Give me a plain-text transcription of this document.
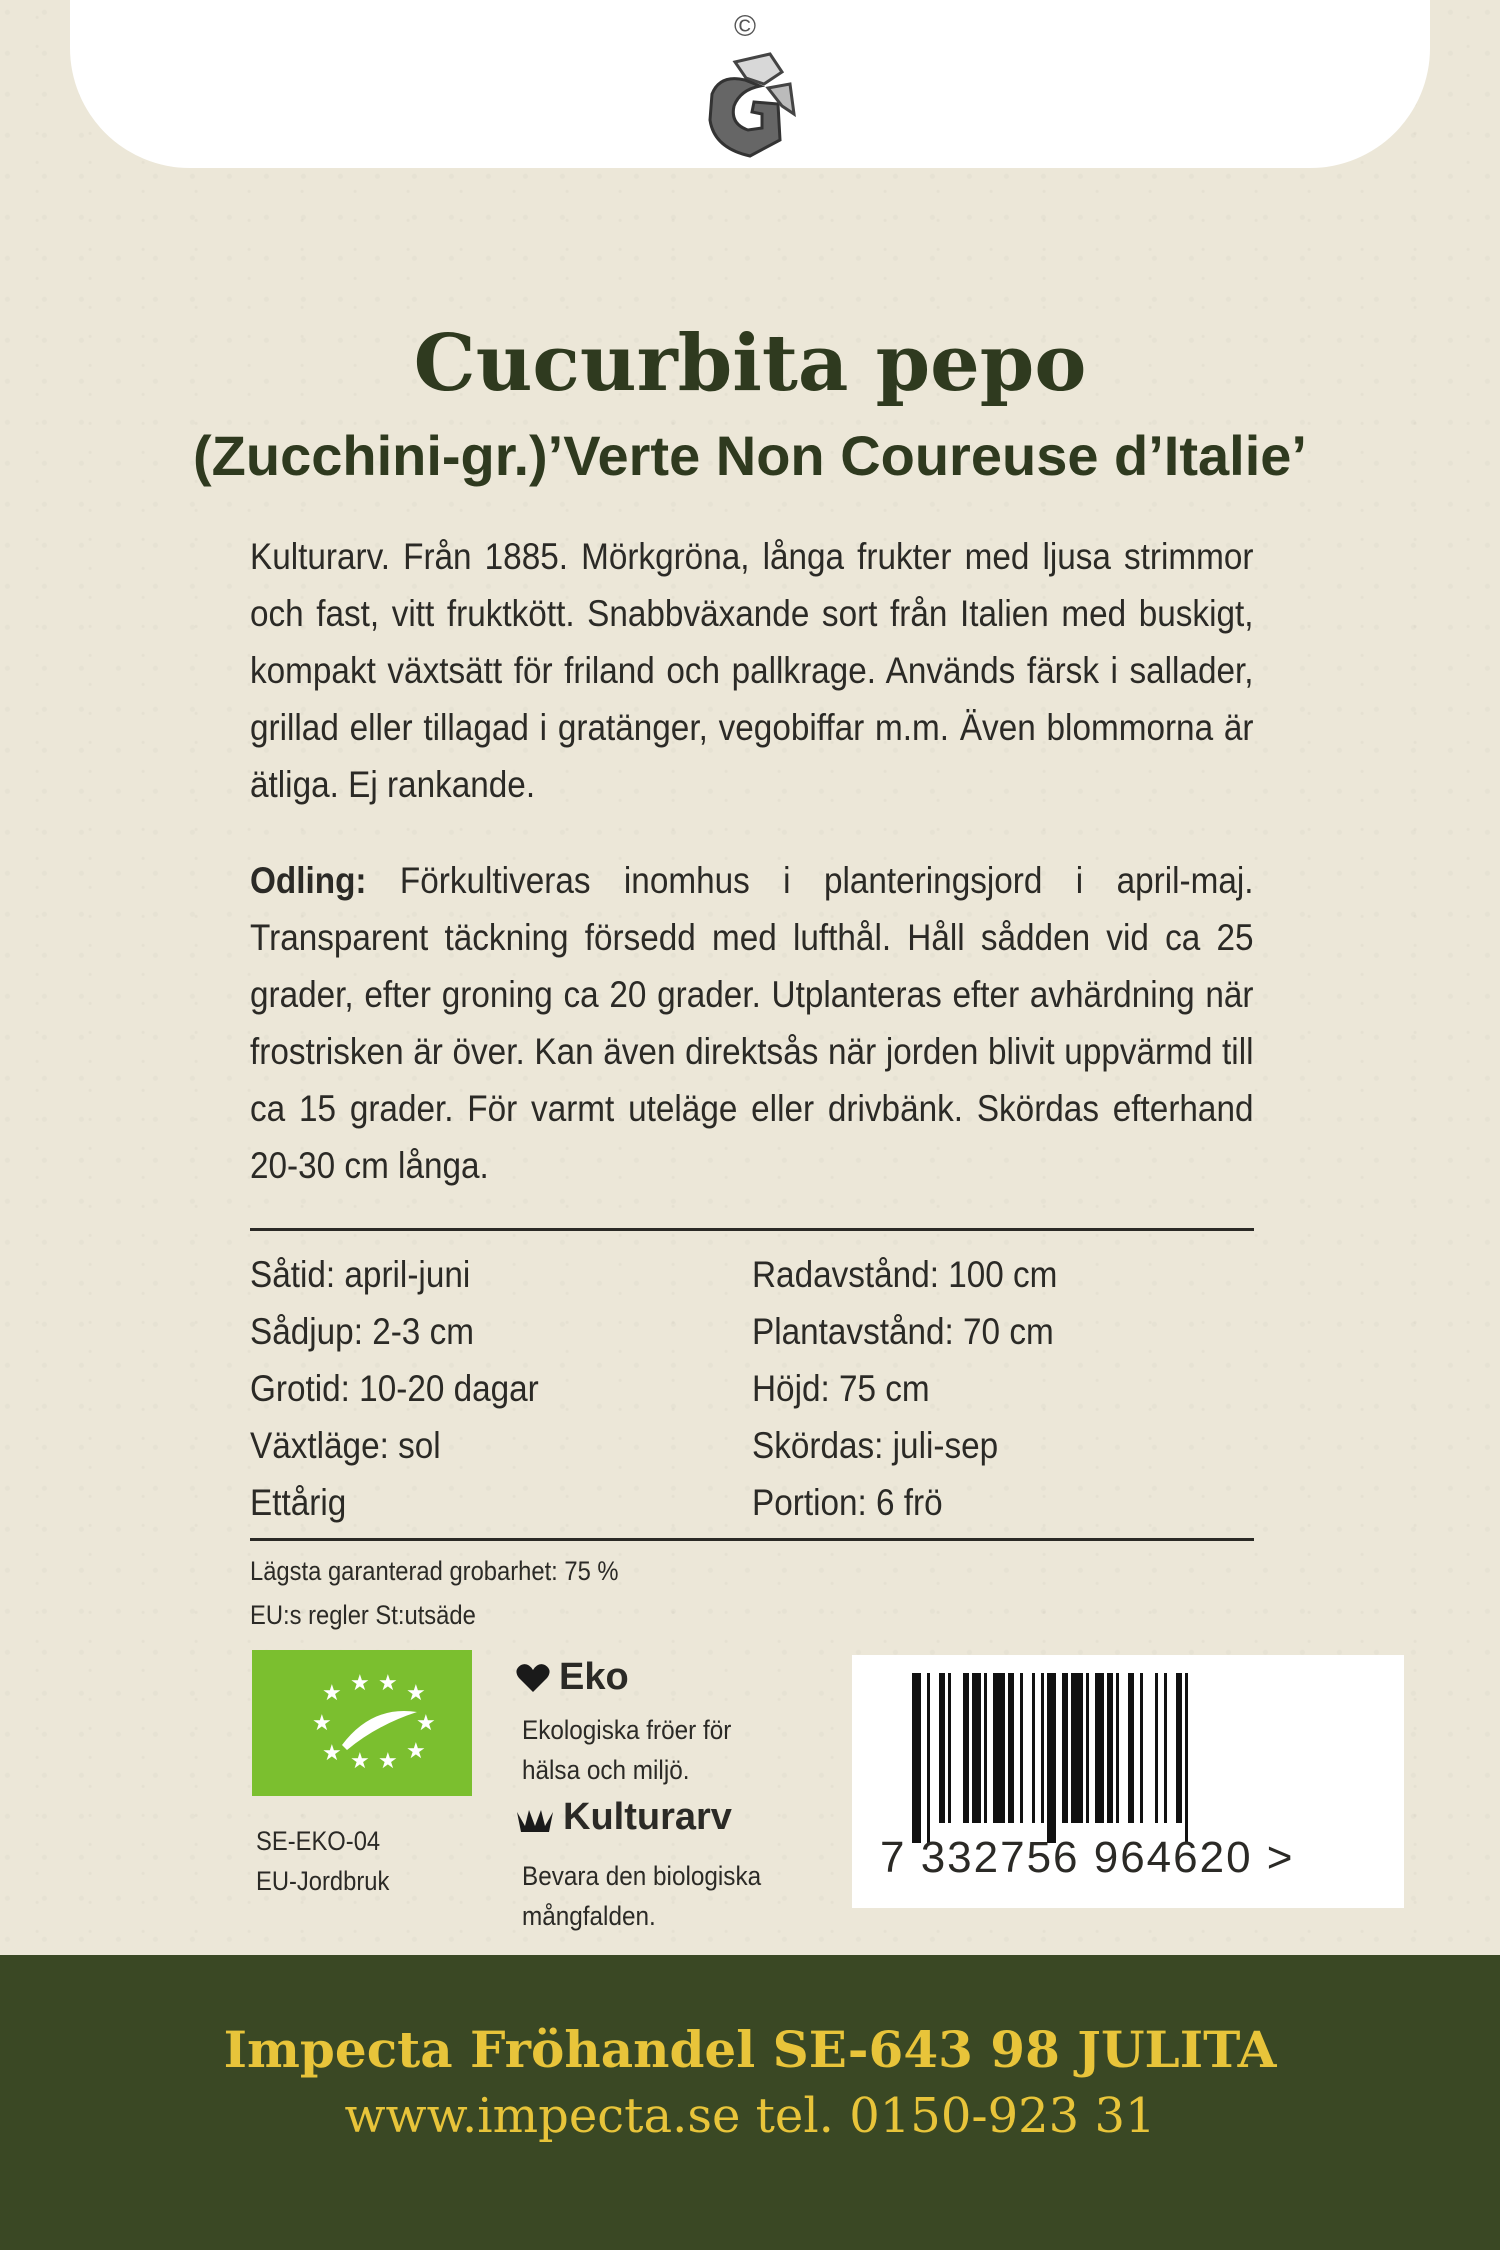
©
Cucurbita pepo
(Zucchini-gr.)’Verte Non Coureuse d’Italie’
Kulturarv. Från 1885. Mörkgröna, långa frukter med ljusa strimmor och fast, vitt fruktkött. Snabbväxande sort från Italien med buskigt, kompakt växtsätt för friland och pallkrage. Används färsk i sallader, grillad eller tillagad i gratänger, vegobiffar m.m. Även blommorna är ätliga. Ej rankande.
Odling: Förkultiveras inomhus i planteringsjord i april-maj. Transparent täckning försedd med lufthål. Håll sådden vid ca 25 grader, efter groning ca 20 grader. Utplanteras efter avhärdning när frostrisken är över. Kan även direktsås när jorden blivit uppvärmd till ca 15 grader. För varmt uteläge eller drivbänk. Skördas efterhand 20-30 cm långa.
Såtid: april-juni
Sådjup: 2-3 cm
Grotid: 10-20 dagar
Växtläge: sol
Ettårig
Radavstånd: 100 cm
Plantavstånd: 70 cm
Höjd: 75 cm
Skördas: juli-sep
Portion: 6 frö
Lägsta garanterad grobarhet: 75 %
EU:s regler St:utsäde
★ ★ ★ ★
★	★
★	★
★ ★
SE-EKO-04
EU-Jordbruk
Eko
Ekologiska fröer för
hälsa och miljö.
Kulturarv
Bevara den biologiska
mångfalden.
7 332756 964620 >
Impecta Fröhandel SE-643 98 JULITA
www.impecta.se tel. 0150-923 31
